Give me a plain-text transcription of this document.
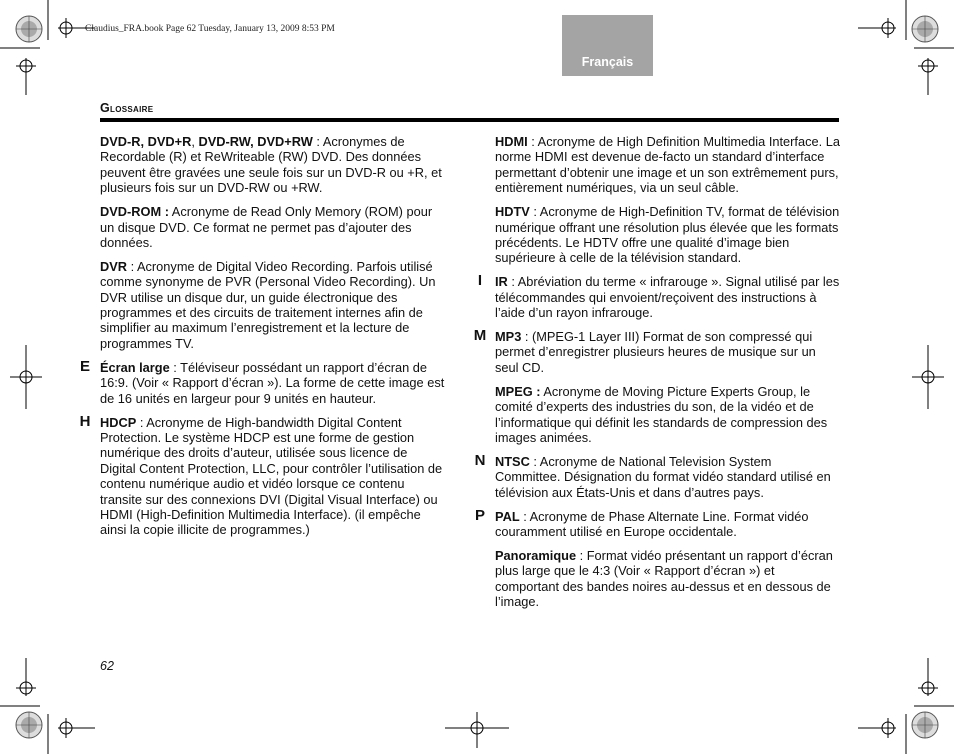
Claudius_FRA.book Page 62 Tuesday, January 13, 2009 8:53 PM
Français
Glossaire

DVD-R, DVD+R, DVD-RW, DVD+RW : Acronymes de Recordable (R) et ReWriteable (RW) DVD. Des données peuvent être gravées une seule fois sur un DVD-R ou +R, et plusieurs fois sur un DVD-RW ou +RW.

DVD-ROM : Acronyme de Read Only Memory (ROM) pour un disque DVD. Ce format ne permet pas d’ajouter des données.

DVR : Acronyme de Digital Video Recording. Parfois utilisé comme synonyme de PVR (Personal Video Recording). Un DVR utilise un disque dur, un guide électronique des programmes et des circuits de traitement internes afin de simplifier au maximum l’enregistrement et la lecture de programmes TV.

E Écran large : Téléviseur possédant un rapport d’écran de 16:9. (Voir « Rapport d’écran »). La forme de cette image est de 16 unités en largeur pour 9 unités en hauteur.

H HDCP : Acronyme de High-bandwidth Digital Content Protection. Le système HDCP est une forme de gestion numérique des droits d’auteur, utilisée sous licence de Digital Content Protection, LLC, pour contrôler l’utilisation de contenu numérique audio et vidéo lorsque ce contenu transite sur des connexions DVI (Digital Visual Interface) ou HDMI (High-Definition Multimedia Interface). (il empêche ainsi la copie illicite de programmes.)

HDMI : Acronyme de High Definition Multimedia Interface. La norme HDMI est devenue de-facto un standard d’interface permettant d’obtenir une image et un son extrêmement purs, entièrement numériques, via un seul câble.

HDTV : Acronyme de High-Definition TV, format de télévision numérique offrant une résolution plus élevée que les formats précédents. Le HDTV offre une qualité d’image bien supérieure à celle de la télévision standard.

I	IR : Abréviation du terme « infrarouge ». Signal utilisé par les télécommandes qui envoient/reçoivent des instructions à l’aide d’un rayon infrarouge.

M MP3 : (MPEG-1 Layer III) Format de son compressé qui permet d’enregistrer plusieurs heures de musique sur un seul CD.

MPEG : Acronyme de Moving Picture Experts Group, le comité d’experts des industries du son, de la vidéo et de l’informatique qui définit les standards de compression des images animées.

N NTSC : Acronyme de National Television System Committee. Désignation du format vidéo standard utilisé en télévision aux États-Unis et dans d’autres pays.

P PAL : Acronyme de Phase Alternate Line. Format vidéo couramment utilisé en Europe occidentale.

Panoramique : Format vidéo présentant un rapport d’écran plus large que le 4:3 (Voir « Rapport d’écran ») et comportant des bandes noires au-dessus et en dessous de l’image.

62
